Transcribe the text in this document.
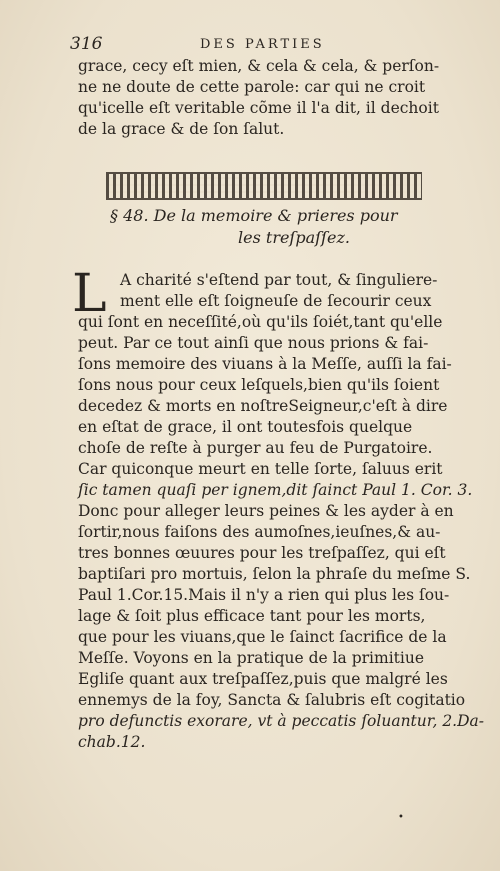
316	DES PARTIES
grace, ceсy eſt mien, & cela & cela, & perſon-
ne ne doute de cette parole: car qui ne croit
qu'icelle eſt veritable cõme il l'a dit, il dechoit
de la grace & de ſon ſalut.
§ 48. De la memoire & prieres pour
les treſpaſſez.
L A charité s'eſtend par tout, & ſinguliere-
ment elle eſt ſoigneuſe de ſecourir ceux
qui ſont en neceſſité,où qu'ils ſoiét,tant qu'elle
peut. Par ce tout ainſi que nous prions & fai-
ſons memoire des viuans à la Meſſe, auſſi la fai-
ſons nous pour ceux leſquels,bien qu'ils ſoient
decedez & morts en noſtreSeigneur,c'eſt à dire
en eſtat de grace, il ont toutesfois quelque
choſe de reſte à purger au feu de Purgatoire.
Car quiconque meurt en telle ſorte, ſaluus erit
ſic tamen quaſi per ignem,dit ſainct Paul 1. Cor. 3.
Donc pour alleger leurs peines & les ayder à en
ſortir,nous faiſons des aumoſnes,ieuſnes,& au-
tres bonnes œuures pour les treſpaſſez, qui eſt
baptiſari pro mortuis, ſelon la phraſe du meſme S.
Paul 1.Cor.15.Mais il n'y a rien qui plus les ſou-
lage & ſoit plus efficace tant pour les morts,
que pour les viuans,que le ſainct ſacrifice de la
Meſſe. Voyons en la pratique de la primitiue
Egliſe quant aux treſpaſſez,puis que malgré les
ennemys de la foy, Sancta & ſalubris eſt cogitatio
pro defunctis exorare, vt à peccatis ſoluantur, 2.Da-
chab.12.
•
